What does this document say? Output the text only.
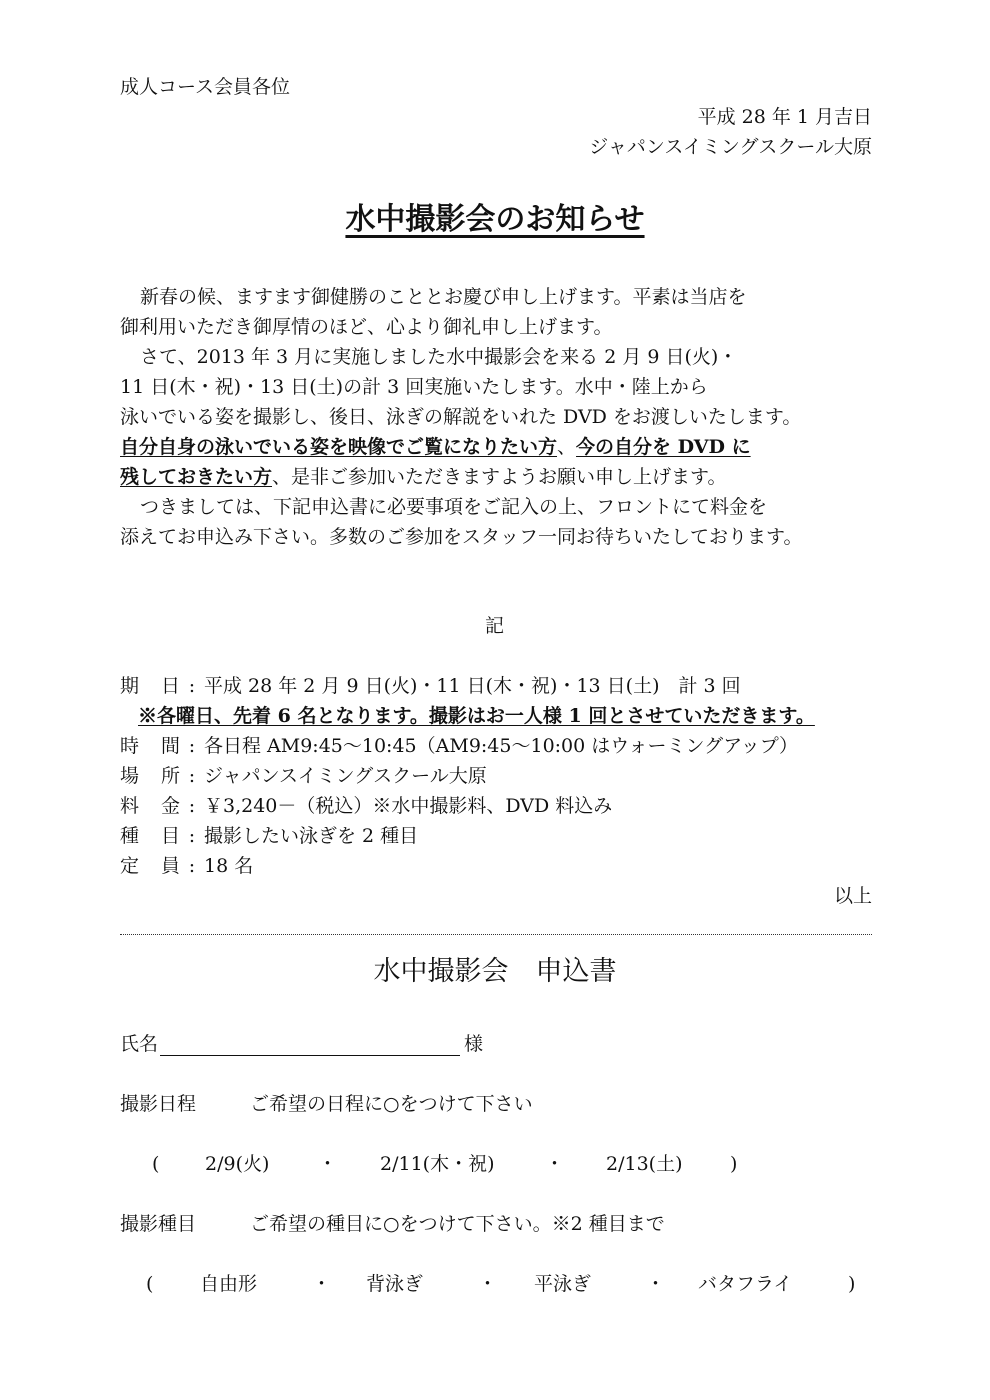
成人コース会員各位
平成 28 年 1 月吉日
ジャパンスイミングスクール大原
水中撮影会のお知らせ
新春の候、ますます御健勝のこととお慶び申し上げます。平素は当店を
御利用いただき御厚情のほど、心より御礼申し上げます。
さて、2013 年 3 月に実施しました水中撮影会を来る 2 月 9 日(火)・
11 日(木・祝)・13 日(土)の計 3 回実施いたします。水中・陸上から
泳いでいる姿を撮影し、後日、泳ぎの解説をいれた DVD をお渡しいたします。
自分自身の泳いでいる姿を映像でご覧になりたい方、今の自分を DVD に
残しておきたい方、是非ご参加いただきますようお願い申し上げます。
つきましては、下記申込書に必要事項をご記入の上、フロントにて料金を
添えてお申込み下さい。多数のご参加をスタッフ一同お待ちいたしております。
記
期日 : 平成 28 年 2 月 9 日(火)・11 日(木・祝)・13 日(土)　計 3 回
※各曜日、先着 6 名となります。撮影はお一人様 1 回とさせていただきます。
時間 : 各日程 AM9:45～10:45（AM9:45～10:00 はウォーミングアップ）
場所 : ジャパンスイミングスクール大原
料金 : ￥3,240－（税込）※水中撮影料、DVD 料込み
種目 : 撮影したい泳ぎを 2 種目
定員 : 18 名
以上
水中撮影会　申込書
氏名	様
撮影日程	ご希望の日程に○をつけて下さい
( 2/9(火)	・ 2/11(木・祝)	・ 2/13(土)	)
撮影種目	ご希望の種目に○をつけて下さい。※2 種目まで
( 自由形	・ 背泳ぎ	・ 平泳ぎ	・ バタフライ	)
